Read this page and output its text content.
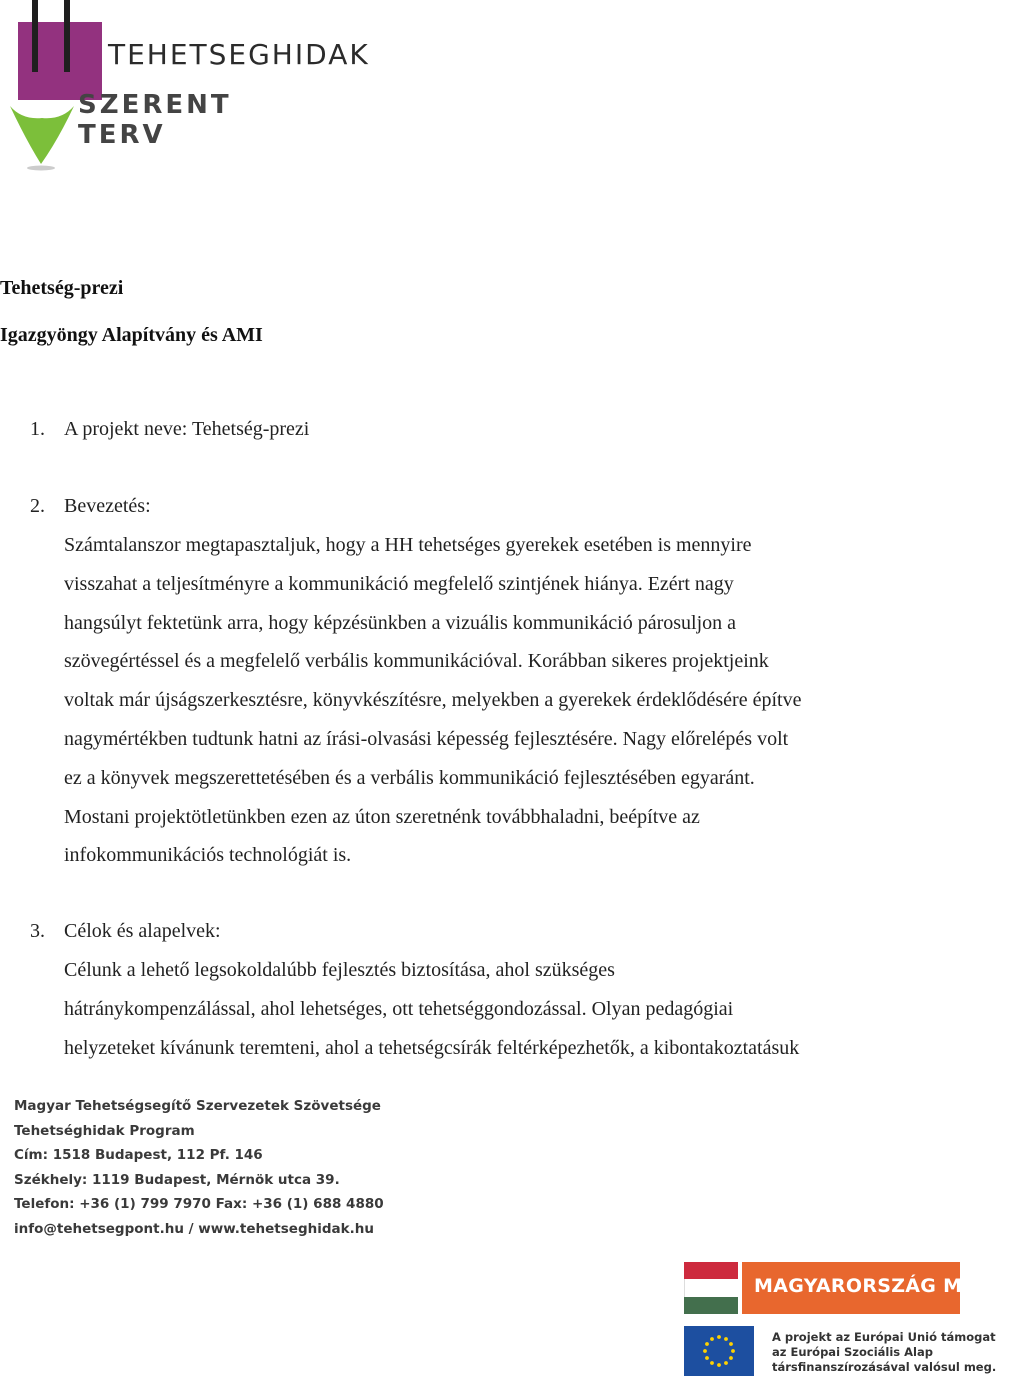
TEHETSEGHIDAK
SZERENT TERV
Tehetség-prezi
Igazgyöngy Alapítvány és AMI
1. A projekt neve: Tehetség-prezi
2. Bevezetés:
Számtalanszor megtapasztaljuk, hogy a HH tehetséges gyerekek esetében is mennyire
visszahat a teljesítményre a kommunikáció megfelelő szintjének hiánya. Ezért nagy
hangsúlyt fektetünk arra, hogy képzésünkben a vizuális kommunikáció párosuljon a
szövegértéssel és a megfelelő verbális kommunikációval. Korábban sikeres projektjeink
voltak már újságszerkesztésre, könyvkészítésre, melyekben a gyerekek érdeklődésére építve
nagymértékben tudtunk hatni az írási-olvasási képesség fejlesztésére. Nagy előrelépés volt
ez a könyvek megszerettetésében és a verbális kommunikáció fejlesztésében egyaránt.
Mostani projektötletünkben ezen az úton szeretnénk továbbhaladni, beépítve az
infokommunikációs technológiát is.
3. Célok és alapelvek:
Célunk a lehető legsokoldalúbb fejlesztés biztosítása, ahol szükséges
hátránykompenzálással, ahol lehetséges, ott tehetséggondozással. Olyan pedagógiai
helyzeteket kívánunk teremteni, ahol a tehetségcsírák feltérképezhetők, a kibontakoztatásuk
Magyar Tehetségsegítő Szervezetek Szövetsége
Tehetséghidak Program
Cím: 1518 Budapest, 112 Pf. 146
Székhely: 1119 Budapest, Mérnök utca 39.
Telefon: +36 (1) 799 7970 Fax: +36 (1) 688 4880
info@tehetsegpont.hu / www.tehetseghidak.hu
MAGYARORSZÁG MEGÚJ
A projekt az Európai Unió támogat
az Európai Szociális Alap
társfinanszírozásával valósul meg.
